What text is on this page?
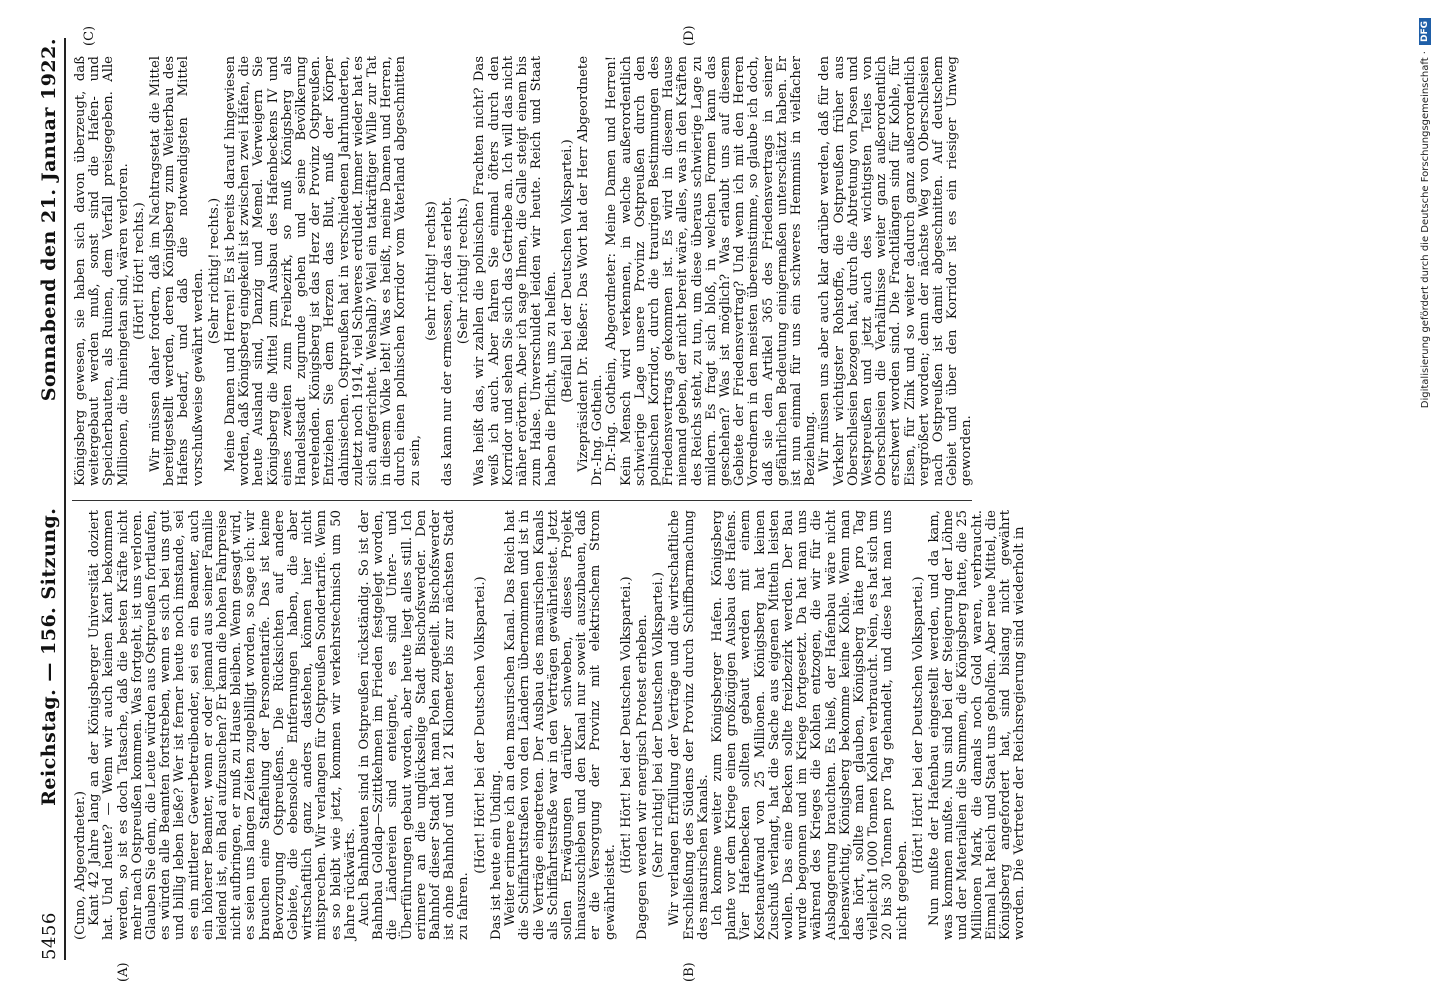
5456
Reichstag. — 156. Sitzung.
Sonnabend den 21. Januar 1922.
(A)	(B)
(C)	(D)

(Cuno, Abgeordneter.) Kant 42 Jahre lang an der Königsberger Universität doziert hat. Und heute? — Wenn wir auch keinen Kant bekommen werden, so ist es doch Tatsache, daß die besten Kräfte nicht mehr nach Ostpreußen kommen. Was fortgeht, ist uns verloren. Glauben Sie denn, die Leute würden aus Ostpreußen fortlaufen, es würden alle Beamten fortstreben, wenn es sich bei uns gut und billig leben ließe? Wer ist ferner heute noch imstande, sei es ein mittlerer Gewerbetreibender, sei es ein Beamter, auch ein höherer Beamter, wenn er oder jemand aus seiner Familie leidend ist, ein Bad aufzusuchen? Er kann die hohen Fahrpreise nicht aufbringen, er muß zu Hause bleiben. Wenn gesagt wird, es seien uns langen Zeiten zugebilligt worden, so sage ich: wir brauchen eine Staffelung der Personentarife. Das ist keine Bevorzugung Ostpreußens. Die Rücksichten auf andere Gebiete, die ebensolche Entfernungen haben, die aber wirtschaftlich ganz anders dastehen, können hier nicht mitsprechen. Wir verlangen für Ostpreußen Sondertarife. Wenn es so bleibt wie jetzt, kommen wir verkehrstechnisch um 50 Jahre rückwärts. Auch Bahnbauten sind in Ostpreußen rückständig. So ist der Bahnbau Goldap—Szittkehmen im Frieden festgelegt worden, die Ländereien sind enteignet, es sind Unter- und Überführungen gebaut worden, aber heute liegt alles still. Ich erinnere an die unglückselige Stadt Bischofswerder. Den Bahnhof dieser Stadt hat man Polen zugeteilt. Bischofswerder ist ohne Bahnhof und hat 21 Kilometer bis zur nächsten Stadt zu fahren.

(Hört! Hört! bei der Deutschen Volkspartei.) Das ist heute ein Unding. Weiter erinnere ich an den masurischen Kanal. Das Reich hat die Schiffahrtstraßen von den Ländern übernommen und ist in die Verträge eingetreten. Der Ausbau des masurischen Kanals als Schiffahrtsstraße war in den Verträgen gewährleistet. Jetzt sollen Erwägungen darüber schweben, dieses Projekt hinauszuschieben und den Kanal nur soweit auszubauen, daß er die Versorgung der Provinz mit elektrischem Strom gewährleistet.

(Hört! Hört! bei der Deutschen Volkspartei.) Dagegen werden wir energisch Protest erheben. (Sehr richtig! bei der Deutschen Volkspartei.) Wir verlangen Erfüllung der Verträge und die wirtschaftliche Erschließung des Südens der Provinz durch Schiffbarmachung des masurischen Kanals. Ich komme weiter zum Königsberger Hafen. Königsberg plante vor dem Kriege einen großzügigen Ausbau des Hafens. Vier Hafenbecken sollten gebaut werden mit einem Kostenaufwand von 25 Millionen. Königsberg hat keinen Zuschuß verlangt, hat die Sache aus eigenen Mitteln leisten wollen. Das eine Becken sollte freizbezirk werden. Der Bau wurde begonnen und im Kriege fortgesetzt. Da hat man uns während des Krieges die Kohlen entzogen, die wir für die Ausbaggerung brauchten. Es hieß, der Hafenbau wäre nicht lebenswichtig, Königsberg bekomme keine Kohle. Wenn man das hört, sollte man glauben, Königsberg hätte pro Tag vielleicht 1000 Tonnen Kohlen verbraucht. Nein, es hat sich um 20 bis 30 Tonnen pro Tag gehandelt, und diese hat man uns nicht gegeben.

(Hört! Hört! bei der Deutschen Volkspartei.) Nun mußte der Hafenbau eingestellt werden, und da kam, was kommen mußte. Nun sind bei der Steigerung der Löhne und der Materialien die Summen, die Königsberg hatte, die 25 Millionen Mark, die damals noch Gold waren, verbraucht. Einmal hat Reich und Staat uns geholfen. Aber neue Mittel, die Königsberg angefordert hat, sind bislang nicht gewährt worden. Die Vertreter der Reichsregierung sind wiederholt in

Königsberg gewesen, sie haben sich davon überzeugt, daß weitergebaut werden muß, sonst sind die Hafen- und Speicherbauten, als Ruinen, dem Verfall preisgegeben. Alle Millionen, die hineingetan sind, wären verloren. (Hört! Hört! rechts.) Wir müssen daher fordern, daß im Nachtragsetat die Mittel bereitgestellt werden, deren Königsberg zum Weiterbau des Hafens bedarf, und daß die notwendigsten Mittel vorschußweise gewährt werden. (Sehr richtig! rechts.) Meine Damen und Herren! Es ist bereits darauf hingewiesen worden, daß Königsberg eingekeilt ist zwischen zwei Häfen, die heute Ausland sind, Danzig und Memel. Verweigern Sie Königsberg die Mittel zum Ausbau des Hafenbeckens IV und eines zweiten zum Freibezirk, so muß Königsberg als Handelsstadt zugrunde gehen und seine Bevölkerung verelenden. Königsberg ist das Herz der Provinz Ostpreußen. Entziehen Sie dem Herzen das Blut, muß der Körper dahinsiechen. Ostpreußen hat in verschiedenen Jahrhunderten, zuletzt noch 1914, viel Schweres erduldet. Immer wieder hat es sich aufgerichtet. Weshalb? Weil ein tatkräftiger Wille zur Tat in diesem Volke lebt! Was es heißt, meine Damen und Herren, durch einen polnischen Korridor vom Vaterland abgeschnitten zu sein,

(sehr richtig! rechts) das kann nur der ermessen, der das erlebt. (Sehr richtig! rechts.) Was heißt das, wir zahlen die polnischen Frachten nicht? Das weiß ich auch. Aber fahren Sie einmal öfters durch den Korridor und sehen Sie sich das Getriebe an. Ich will das nicht näher erörtern. Aber ich sage Ihnen, die Galle steigt einem bis zum Halse. Unverschuldet leiden wir heute. Reich und Staat haben die Pflicht, uns zu helfen. (Beifall bei der Deutschen Volkspartei.) Vizepräsident Dr. Rießer: Das Wort hat der Herr Abgeordnete Dr.-Ing. Gothein. Dr.-Ing. Gothein, Abgeordneter: Meine Damen und Herren! Kein Mensch wird verkennen, in welche außerordentlich schwierige Lage unsere Provinz Ostpreußen durch den polnischen Korridor, durch die traurigen Bestimmungen des Friedensvertrags gekommen ist. Es wird in diesem Hause niemand geben, der nicht bereit wäre, alles, was in den Kräften des Reichs steht, zu tun, um diese überaus schwierige Lage zu mildern. Es fragt sich bloß, in welchen Formen kann das geschehen? Was ist möglich? Was erlaubt uns auf diesem Gebiete der Friedensvertrag? Und wenn ich mit den Herren Vorrednern in den meisten übereinstimme, so glaube ich doch, daß sie den Artikel 365 des Friedensvertrags in seiner gefährlichen Bedeutung einigermaßen unterschätzt haben. Er ist nun einmal für uns ein schweres Hemmnis in vielfacher Beziehung. Wir müssen uns aber auch klar darüber werden, daß für den Verkehr wichtigster Rohstoffe, die Ostpreußen früher aus Oberschlesien bezogen hat, durch die Abtretung von Posen und Westpreußen und jetzt auch des wichtigsten Teiles von Oberschlesien die Verhältnisse weiter ganz außerordentlich erschwert worden sind. Die Frachtlängen sind für Kohle, für Eisen, für Zink und so weiter dadurch ganz außerordentlich vergrößert worden; denn der nächste Weg von Oberschlesien nach Ostpreußen ist damit abgeschnitten. Auf deutschem Gebiet und über den Korridor ist es ein riesiger Umweg geworden.

Digitalisierung gefördert durch die Deutsche Forschungsgemeinschaft ·
DFG
